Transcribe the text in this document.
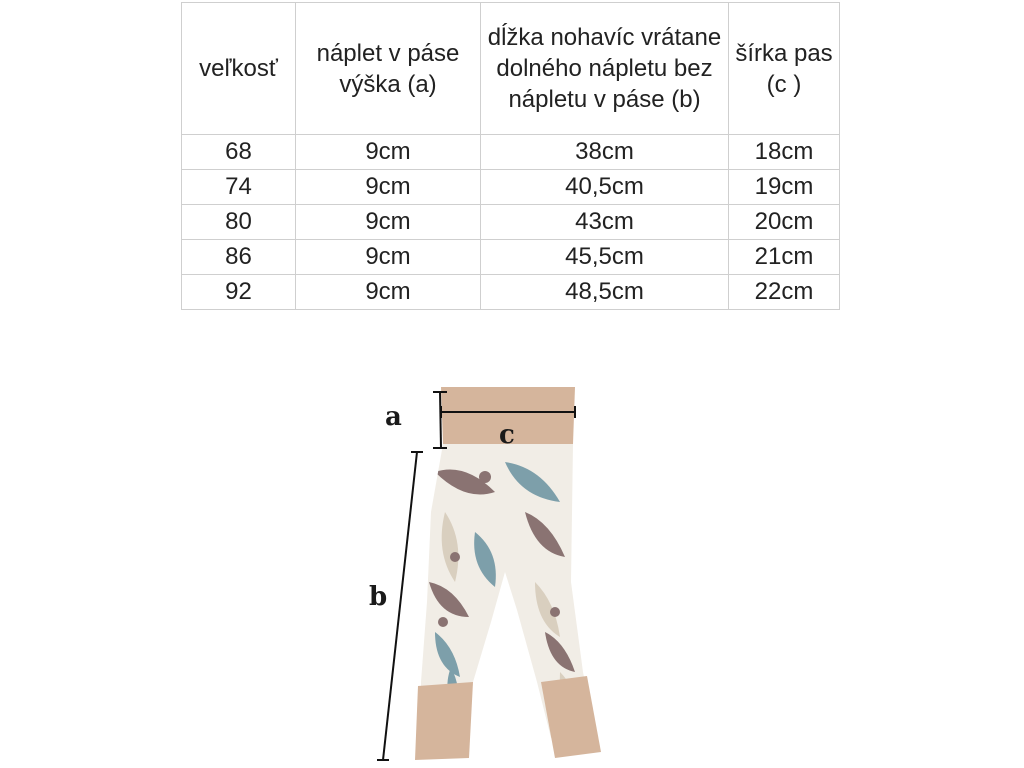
veľkosť	náplet v páse výška (a)	dĺžka nohavíc vrátane dolného nápletu bez nápletu v páse (b)	šírka pas (c )
68	9cm	38cm	18cm
74	9cm	40,5cm	19cm
80	9cm	43cm	20cm
86	9cm	45,5cm	21cm
92	9cm	48,5cm	22cm
a
b
c
